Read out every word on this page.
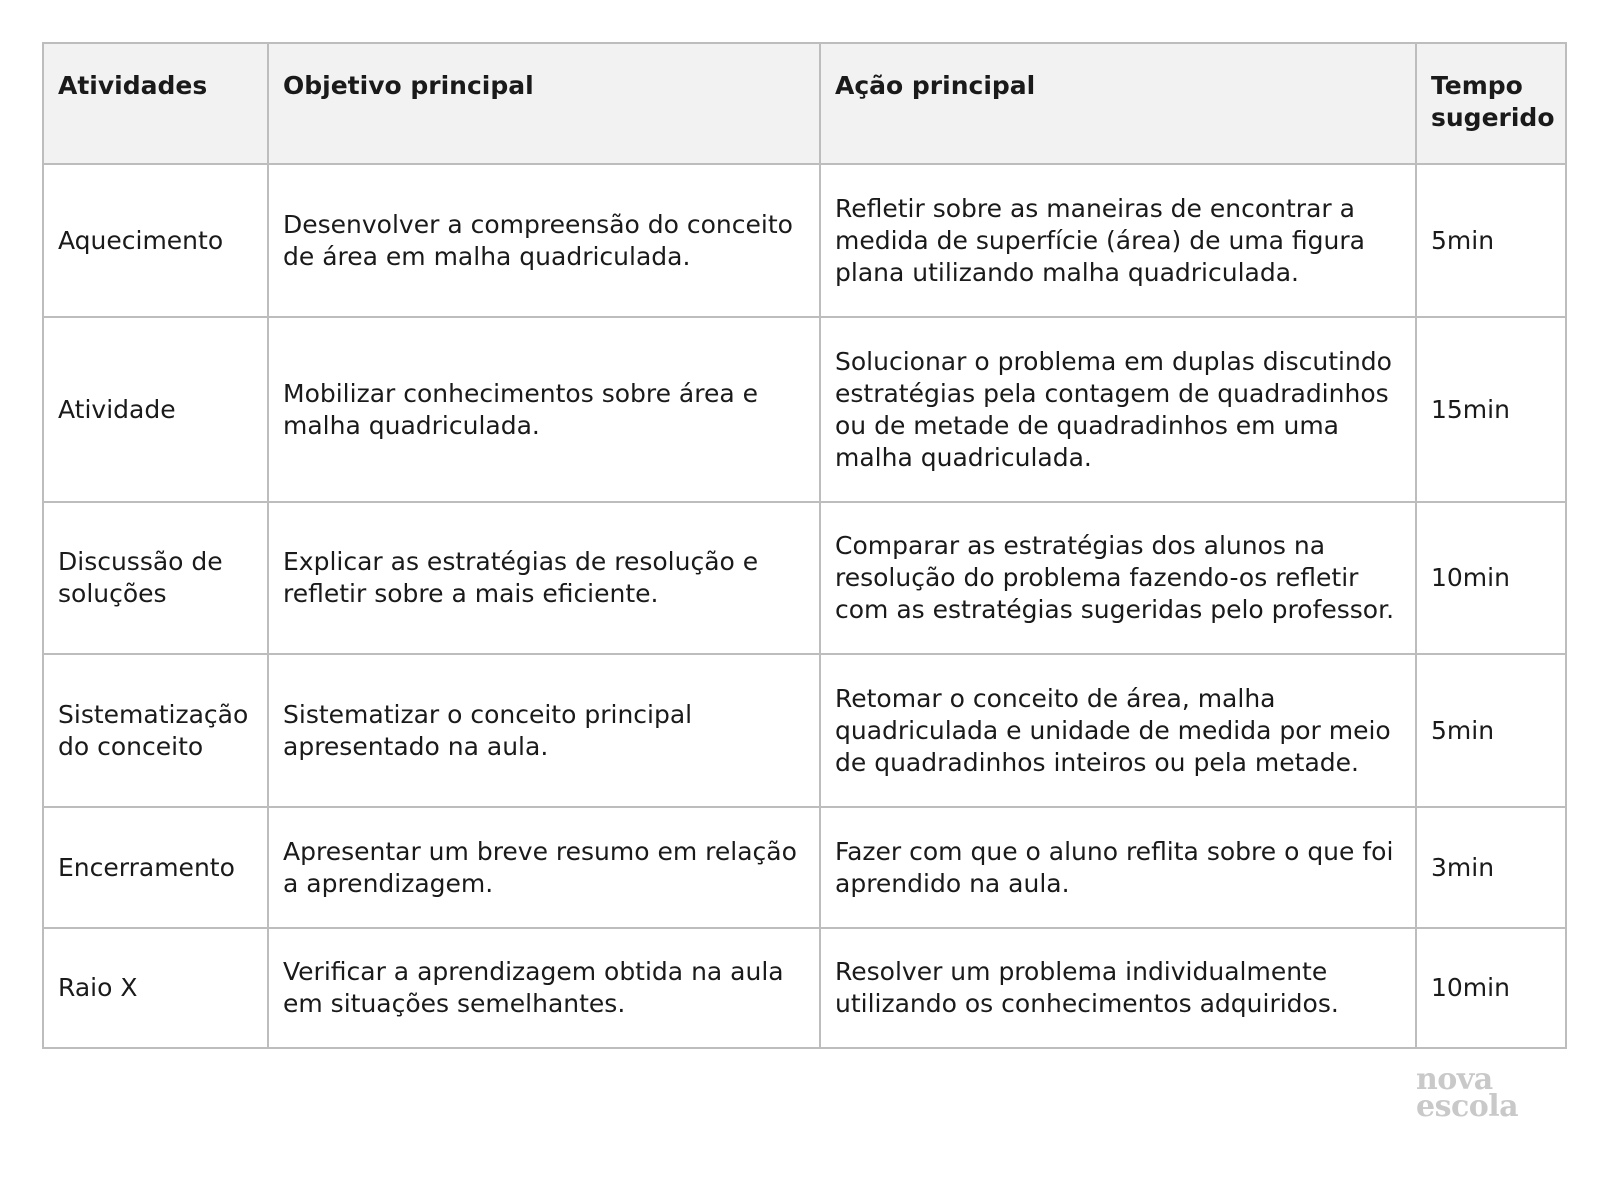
Atividades	Objetivo principal	Ação principal	Tempo sugerido
Aquecimento	Desenvolver a compreensão do conceito de área em malha quadriculada.	Refletir sobre as maneiras de encontrar a medida de superfície (área) de uma figura plana utilizando malha quadriculada.	5min
Atividade	Mobilizar conhecimentos sobre área e malha quadriculada.	Solucionar o problema em duplas discutindo estratégias pela contagem de quadradinhos ou de metade de quadradinhos em uma malha quadriculada.	15min
Discussão de soluções	Explicar as estratégias de resolução e refletir sobre a mais eficiente.	Comparar as estratégias dos alunos na resolução do problema fazendo-os refletir com as estratégias sugeridas pelo professor.	10min
Sistematização do conceito	Sistematizar o conceito principal apresentado na aula.	Retomar o conceito de área, malha quadriculada e unidade de medida por meio de quadradinhos inteiros ou pela metade.	5min
Encerramento	Apresentar um breve resumo em relação a aprendizagem.	Fazer com que o aluno reflita sobre o que foi aprendido na aula.	3min
Raio X	Verificar a aprendizagem obtida na aula em situações semelhantes.	Resolver um problema individualmente utilizando os conhecimentos adquiridos.	10min
nova
escola
